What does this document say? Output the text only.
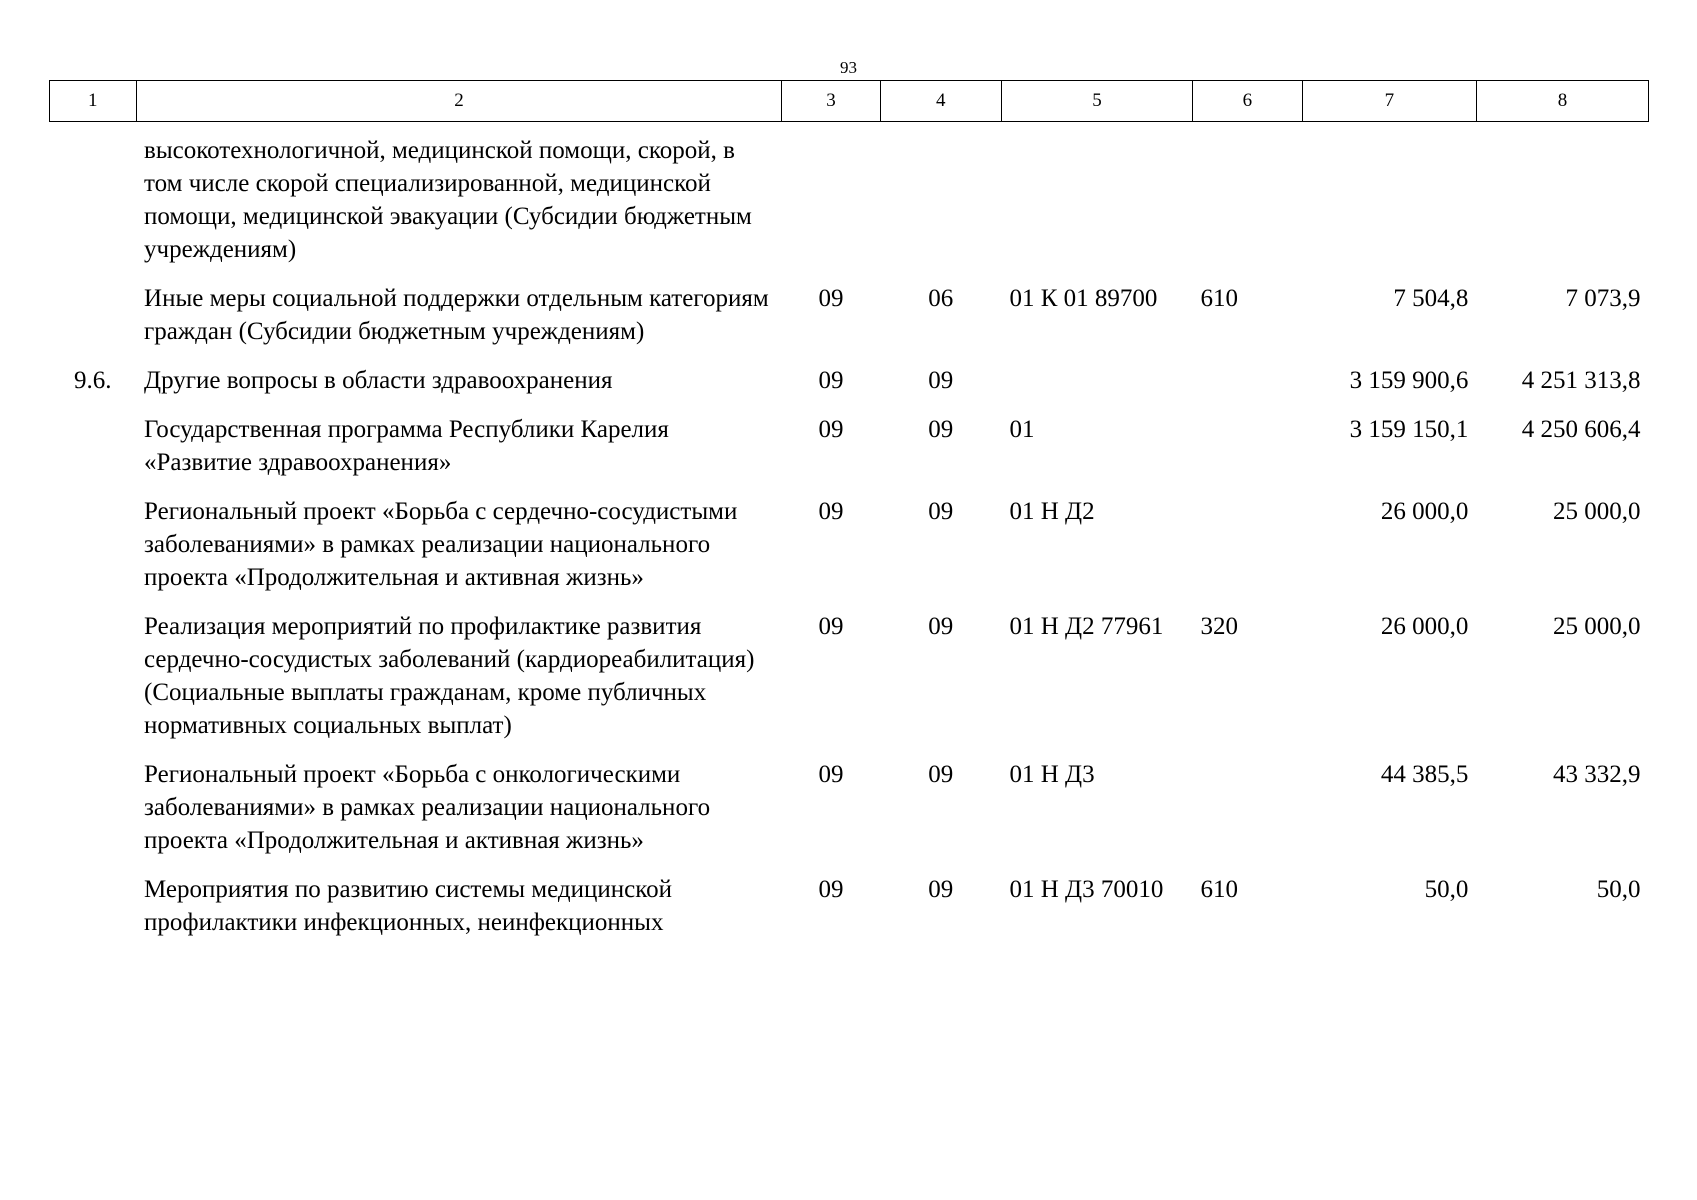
93
1	2	3	4	5	6	7	8
	высокотехнологичной, медицинской помощи, скорой, в том числе скорой специализированной, медицинской помощи, медицинской эвакуации (Субсидии бюджетным учреждениям)						
	Иные меры социальной поддержки отдельным категориям граждан (Субсидии бюджетным учреждениям)	09	06	01 К 01 89700	610	7 504,8	7 073,9
9.6.	Другие вопросы в области здравоохранения	09	09			3 159 900,6	4 251 313,8
	Государственная программа Республики Карелия «Развитие здравоохранения»	09	09	01		3 159 150,1	4 250 606,4
	Региональный проект «Борьба с сердечно-сосудистыми заболеваниями» в рамках реализации национального проекта «Продолжительная и активная жизнь»	09	09	01 Н Д2		26 000,0	25 000,0
	Реализация мероприятий по профилактике развития сердечно-сосудистых заболеваний (кардиореабилитация) (Социальные выплаты гражданам, кроме публичных нормативных социальных выплат)	09	09	01 Н Д2 77961	320	26 000,0	25 000,0
	Региональный проект «Борьба с онкологическими заболеваниями» в рамках реализации национального проекта «Продолжительная и активная жизнь»	09	09	01 Н Д3		44 385,5	43 332,9
	Мероприятия по развитию системы медицинской профилактики инфекционных, неинфекционных	09	09	01 Н Д3 70010	610	50,0	50,0
